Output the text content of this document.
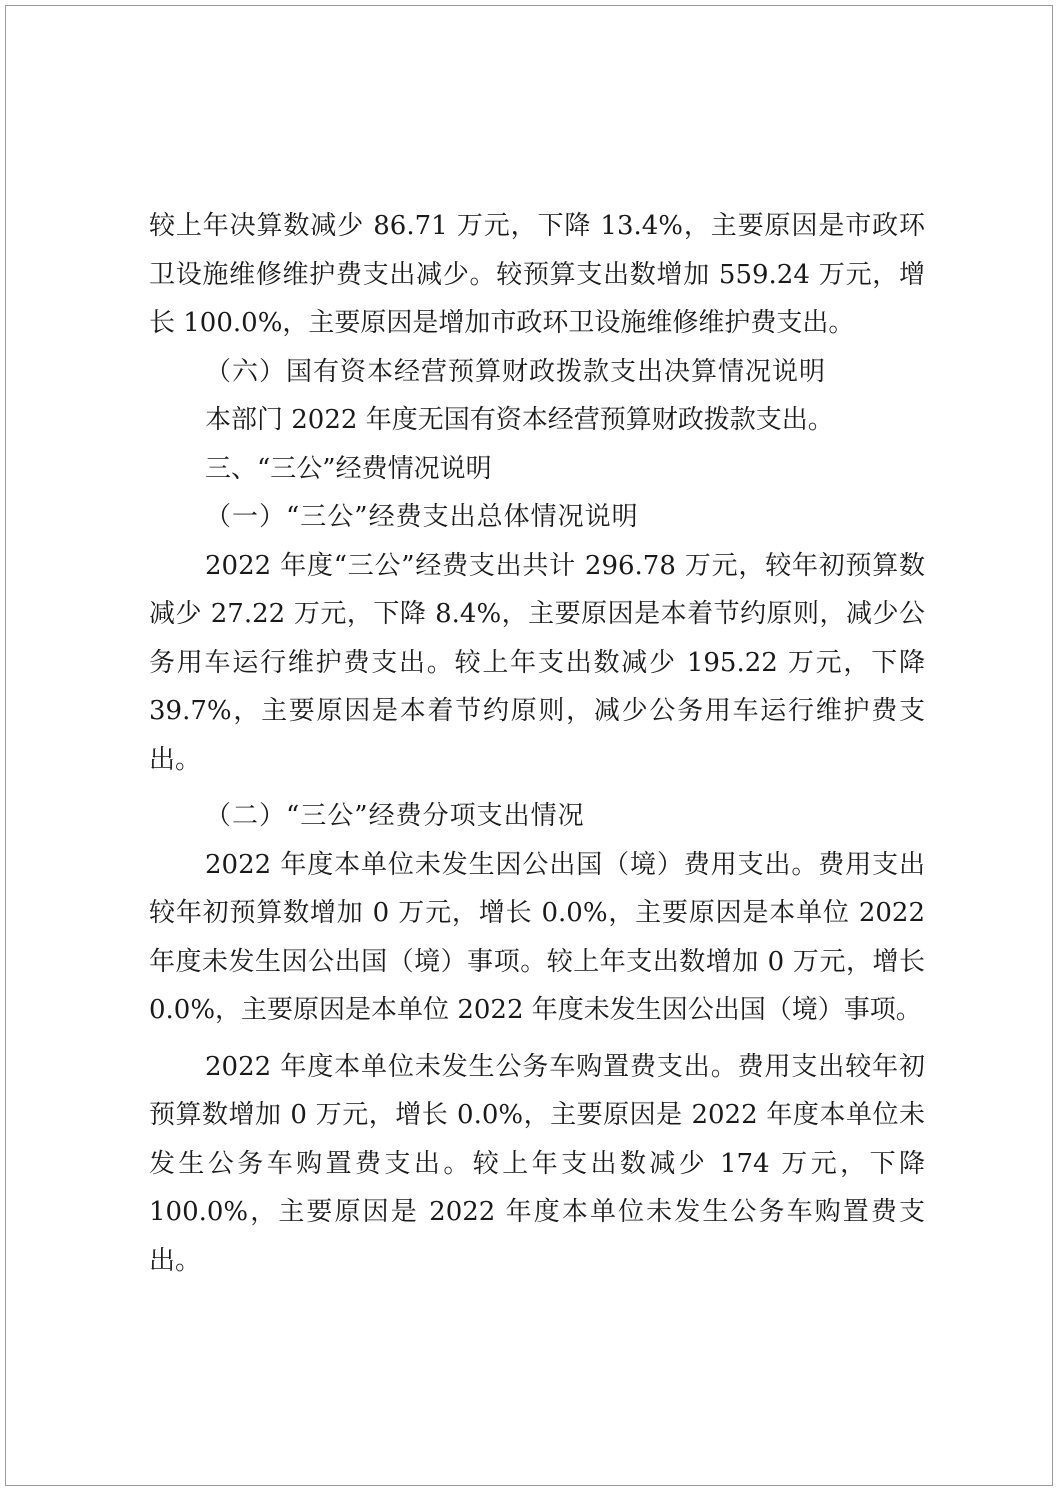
较上年决算数减少 86.71 万元，下降 13.4%，主要原因是市政环卫设施维修维护费支出减少。较预算支出数增加 559.24 万元，增长 100.0%，主要原因是增加市政环卫设施维修维护费支出。

（六）国有资本经营预算财政拨款支出决算情况说明

本部门 2022 年度无国有资本经营预算财政拨款支出。

三、“三公”经费情况说明

（一）“三公”经费支出总体情况说明

2022 年度“三公”经费支出共计 296.78 万元，较年初预算数减少 27.22 万元，下降 8.4%，主要原因是本着节约原则，减少公务用车运行维护费支出。较上年支出数减少 195.22 万元，下降 39.7%，主要原因是本着节约原则，减少公务用车运行维护费支出。

（二）“三公”经费分项支出情况

2022 年度本单位未发生因公出国（境）费用支出。费用支出较年初预算数增加 0 万元，增长 0.0%，主要原因是本单位 2022 年度未发生因公出国（境）事项。较上年支出数增加 0 万元，增长 0.0%，主要原因是本单位 2022 年度未发生因公出国（境）事项。

2022 年度本单位未发生公务车购置费支出。费用支出较年初预算数增加 0 万元，增长 0.0%，主要原因是 2022 年度本单位未发生公务车购置费支出。较上年支出数减少 174 万元，下降 100.0%，主要原因是 2022 年度本单位未发生公务车购置费支出。
